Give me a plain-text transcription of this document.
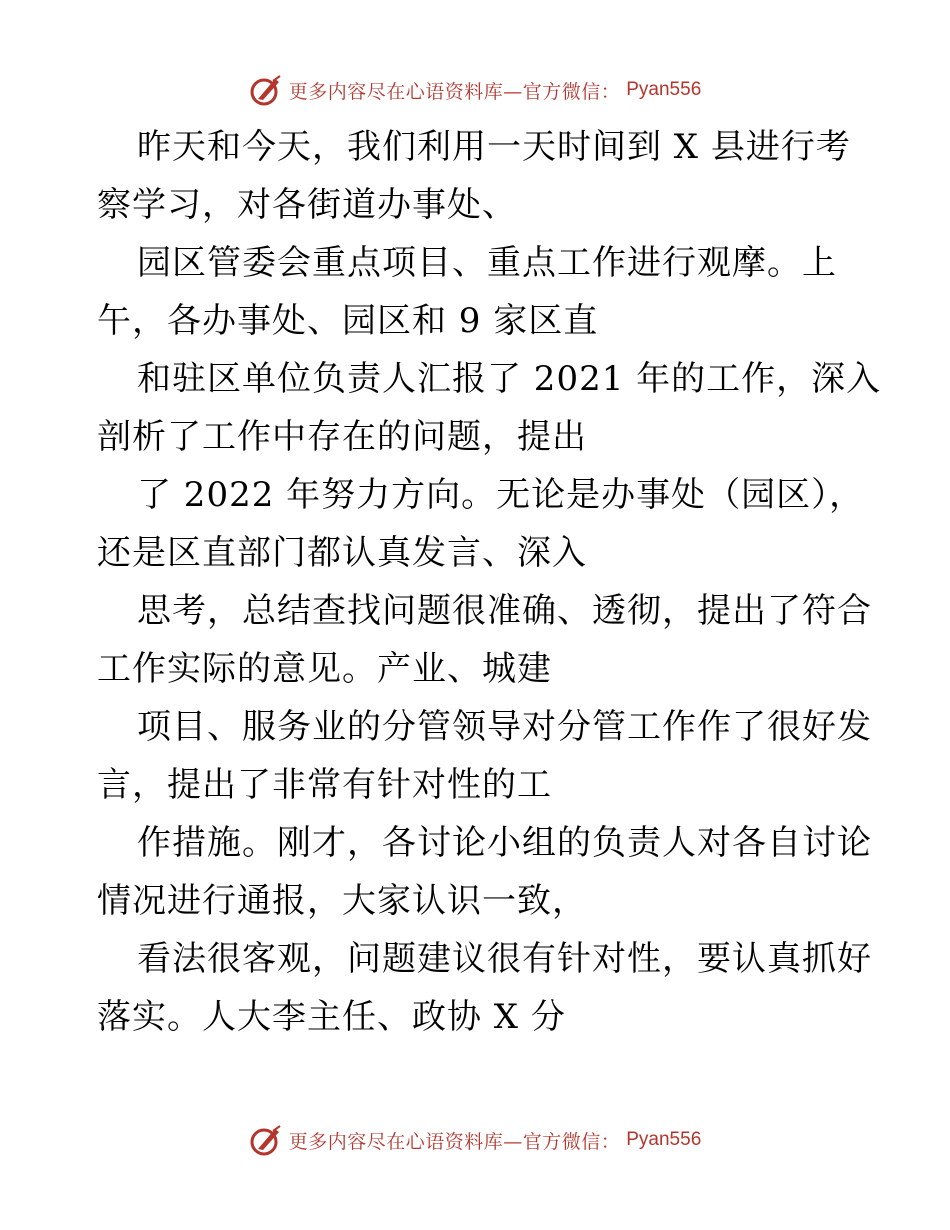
更多内容尽在心语资料库—官方微信： Pyan556

昨天和今天，我们利用一天时间到 X 县进行考
察学习，对各街道办事处、

园区管委会重点项目、重点工作进行观摩。上
午，各办事处、园区和 9 家区直

和驻区单位负责人汇报了 2021 年的工作，深入
剖析了工作中存在的问题，提出

了 2022 年努力方向。无论是办事处（园区），
还是区直部门都认真发言、深入

思考，总结查找问题很准确、透彻，提出了符合
工作实际的意见。产业、城建

项目、服务业的分管领导对分管工作作了很好发
言，提出了非常有针对性的工

作措施。刚才，各讨论小组的负责人对各自讨论
情况进行通报，大家认识一致，

看法很客观，问题建议很有针对性，要认真抓好
落实。人大李主任、政协 X 分

更多内容尽在心语资料库—官方微信： Pyan556
